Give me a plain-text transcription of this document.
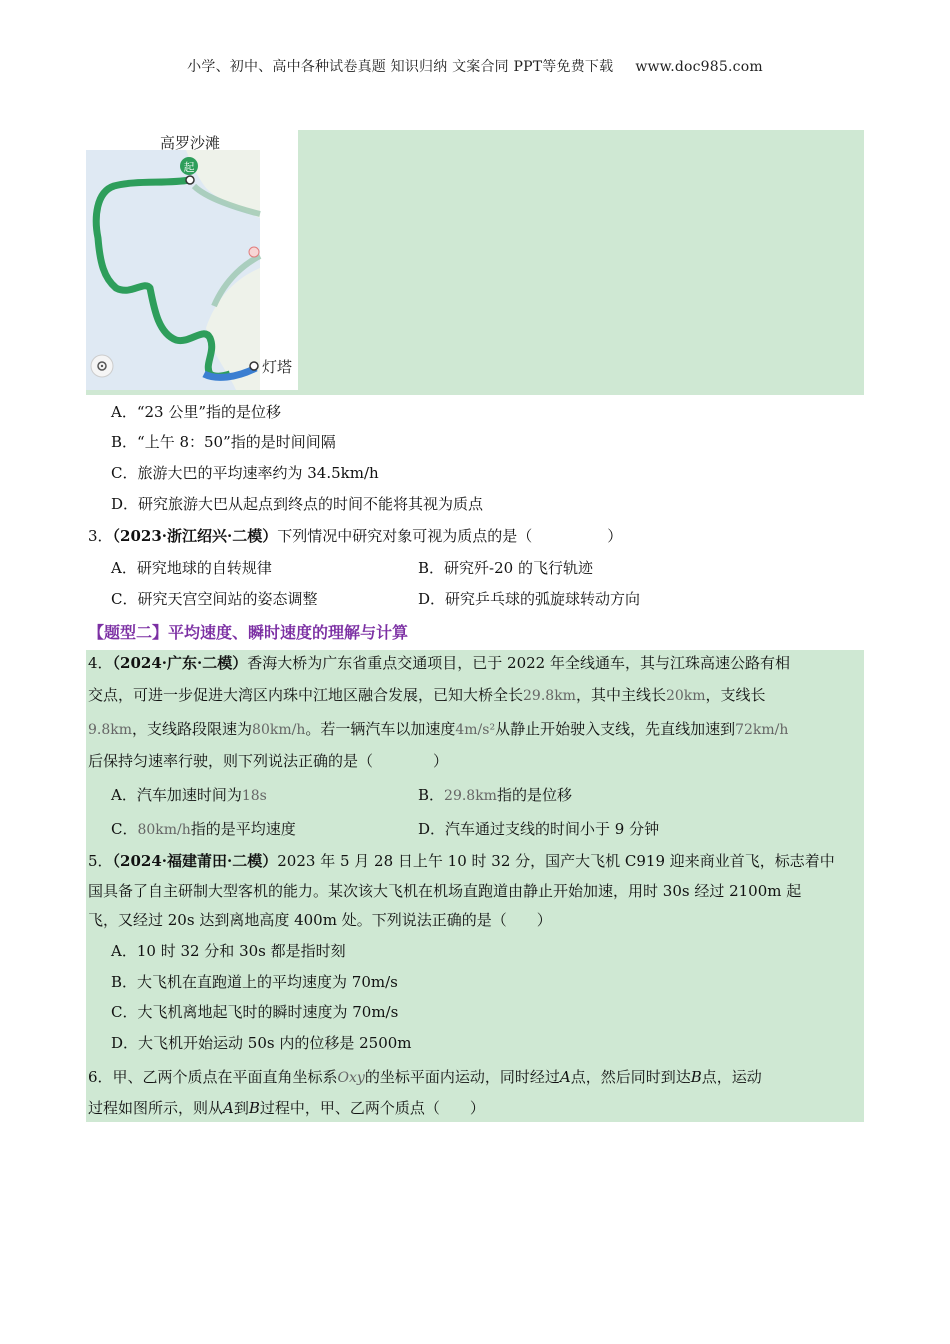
小学、初中、高中各种试卷真题 知识归纳 文案合同 PPT等免费下载 www.doc985.com
起
高罗沙滩
灯塔
A．“23 公里”指的是位移
B．“上午 8：50”指的是时间间隔
C．旅游大巴的平均速率约为 34.5km/h
D．研究旅游大巴从起点到终点的时间不能将其视为质点
3．（2023·浙江绍兴·二模）下列情况中研究对象可视为质点的是（　　　　　）
A．研究地球的自转规律	B．研究歼-20 的飞行轨迹
C．研究天宫空间站的姿态调整	D．研究乒乓球的弧旋球转动方向
【题型二】平均速度、瞬时速度的理解与计算
4．（2024·广东·二模）香海大桥为广东省重点交通项目，已于 2022 年全线通车，其与江珠高速公路有相
交点，可进一步促进大湾区内珠中江地区融合发展，已知大桥全长29.8km，其中主线长20km，支线长
9.8km，支线路段限速为80km/h。若一辆汽车以加速度4m/s²从静止开始驶入支线，先直线加速到72km/h
后保持匀速率行驶，则下列说法正确的是（　　　　）
A．汽车加速时间为18s	B．29.8km指的是位移
C．80km/h指的是平均速度	D．汽车通过支线的时间小于 9 分钟
5．（2024·福建莆田·二模）2023 年 5 月 28 日上午 10 时 32 分，国产大飞机 C919 迎来商业首飞，标志着中
国具备了自主研制大型客机的能力。某次该大飞机在机场直跑道由静止开始加速，用时 30s 经过 2100m 起
飞，又经过 20s 达到离地高度 400m 处。下列说法正确的是（　　）
A．10 时 32 分和 30s 都是指时刻
B．大飞机在直跑道上的平均速度为 70m/s
C．大飞机离地起飞时的瞬时速度为 70m/s
D．大飞机开始运动 50s 内的位移是 2500m
6．甲、乙两个质点在平面直角坐标系Oxy的坐标平面内运动，同时经过A点，然后同时到达B点，运动
过程如图所示，则从A到B过程中，甲、乙两个质点（　　）
